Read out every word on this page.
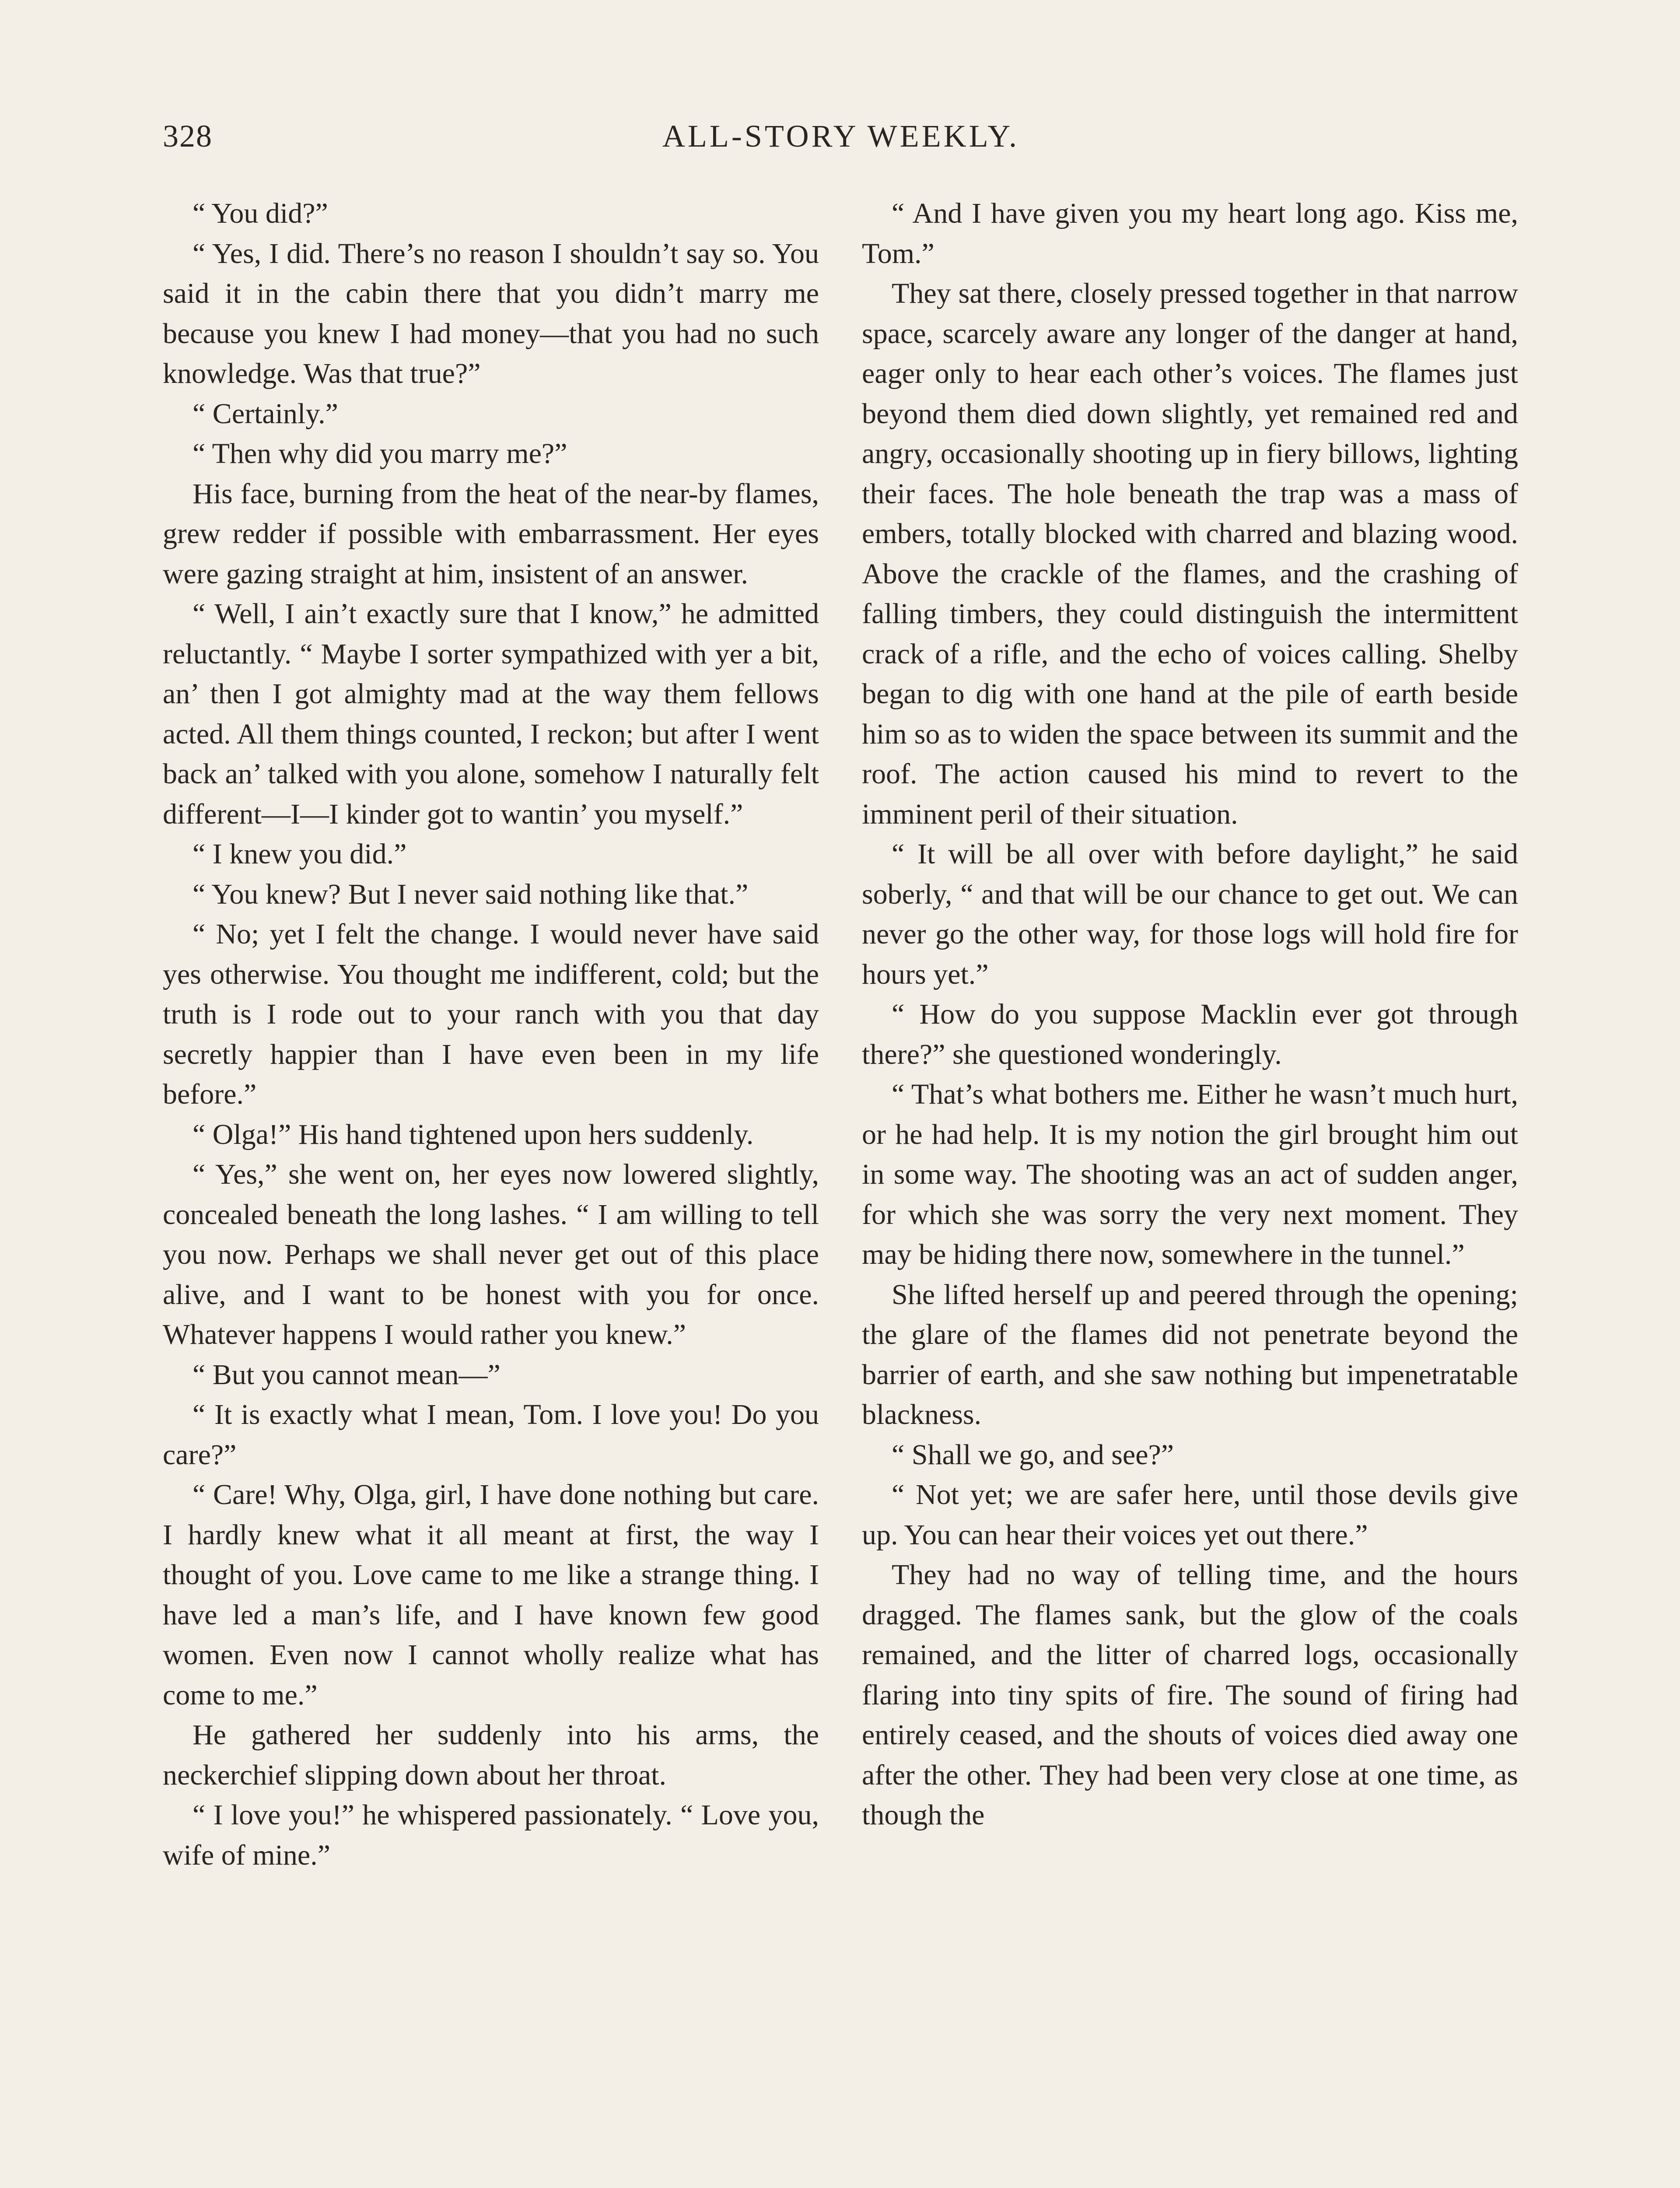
328	ALL-STORY WEEKLY.

“ You did?”

“ Yes, I did. There’s no reason I shouldn’t say so. You said it in the cabin there that you didn’t marry me because you knew I had money—that you had no such knowledge. Was that true?”

“ Certainly.”

“ Then why did you marry me?”

His face, burning from the heat of the near-by flames, grew redder if possible with embarrassment. Her eyes were gazing straight at him, insistent of an answer.

“ Well, I ain’t exactly sure that I know,” he admitted reluctantly. “ Maybe I sorter sympathized with yer a bit, an’ then I got almighty mad at the way them fellows acted. All them things counted, I reckon; but after I went back an’ talked with you alone, somehow I naturally felt different—I—I kinder got to wantin’ you myself.”

“ I knew you did.”

“ You knew? But I never said nothing like that.”

“ No; yet I felt the change. I would never have said yes otherwise. You thought me indifferent, cold; but the truth is I rode out to your ranch with you that day secretly happier than I have even been in my life before.”

“ Olga!” His hand tightened upon hers suddenly.

“ Yes,” she went on, her eyes now lowered slightly, concealed beneath the long lashes. “ I am willing to tell you now. Perhaps we shall never get out of this place alive, and I want to be honest with you for once. Whatever happens I would rather you knew.”

“ But you cannot mean—”

“ It is exactly what I mean, Tom. I love you! Do you care?”

“ Care! Why, Olga, girl, I have done nothing but care. I hardly knew what it all meant at first, the way I thought of you. Love came to me like a strange thing. I have led a man’s life, and I have known few good women. Even now I cannot wholly realize what has come to me.”

He gathered her suddenly into his arms, the neckerchief slipping down about her throat.

“ I love you!” he whispered passionately. “ Love you, wife of mine.”

“ And I have given you my heart long ago. Kiss me, Tom.”

They sat there, closely pressed together in that narrow space, scarcely aware any longer of the danger at hand, eager only to hear each other’s voices. The flames just beyond them died down slightly, yet remained red and angry, occasionally shooting up in fiery billows, lighting their faces. The hole beneath the trap was a mass of embers, totally blocked with charred and blazing wood. Above the crackle of the flames, and the crashing of falling timbers, they could distinguish the intermittent crack of a rifle, and the echo of voices calling. Shelby began to dig with one hand at the pile of earth beside him so as to widen the space between its summit and the roof. The action caused his mind to revert to the imminent peril of their situation.

“ It will be all over with before daylight,” he said soberly, “ and that will be our chance to get out. We can never go the other way, for those logs will hold fire for hours yet.”

“ How do you suppose Macklin ever got through there?” she questioned wonderingly.

“ That’s what bothers me. Either he wasn’t much hurt, or he had help. It is my notion the girl brought him out in some way. The shooting was an act of sudden anger, for which she was sorry the very next moment. They may be hiding there now, somewhere in the tunnel.”

She lifted herself up and peered through the opening; the glare of the flames did not penetrate beyond the barrier of earth, and she saw nothing but impenetratable blackness.

“ Shall we go, and see?”

“ Not yet; we are safer here, until those devils give up. You can hear their voices yet out there.”

They had no way of telling time, and the hours dragged. The flames sank, but the glow of the coals remained, and the litter of charred logs, occasionally flaring into tiny spits of fire. The sound of firing had entirely ceased, and the shouts of voices died away one after the other. They had been very close at one time, as though the
